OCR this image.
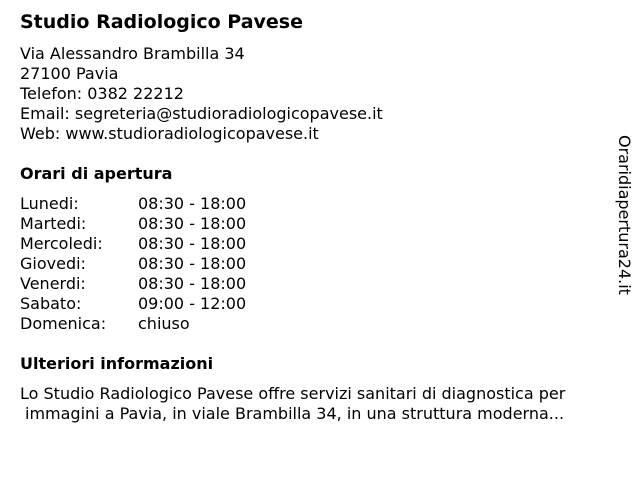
Studio Radiologico Pavese
Via Alessandro Brambilla 34
27100 Pavia
Telefon: 0382 22212
Email: segreteria@studioradiologicopavese.it
Web: www.studioradiologicopavese.it
Orari di apertura
Lunedi:	08:30 - 18:00
Martedi:	08:30 - 18:00
Mercoledi: 08:30 - 18:00
Giovedi:	08:30 - 18:00
Venerdi:	08:30 - 18:00
Sabato:	09:00 - 12:00
Domenica: chiuso
Ulteriori informazioni
Lo Studio Radiologico Pavese offre servizi sanitari di diagnostica per
immagini a Pavia, in viale Brambilla 34, in una struttura moderna...
Oraridiapertura24.it
